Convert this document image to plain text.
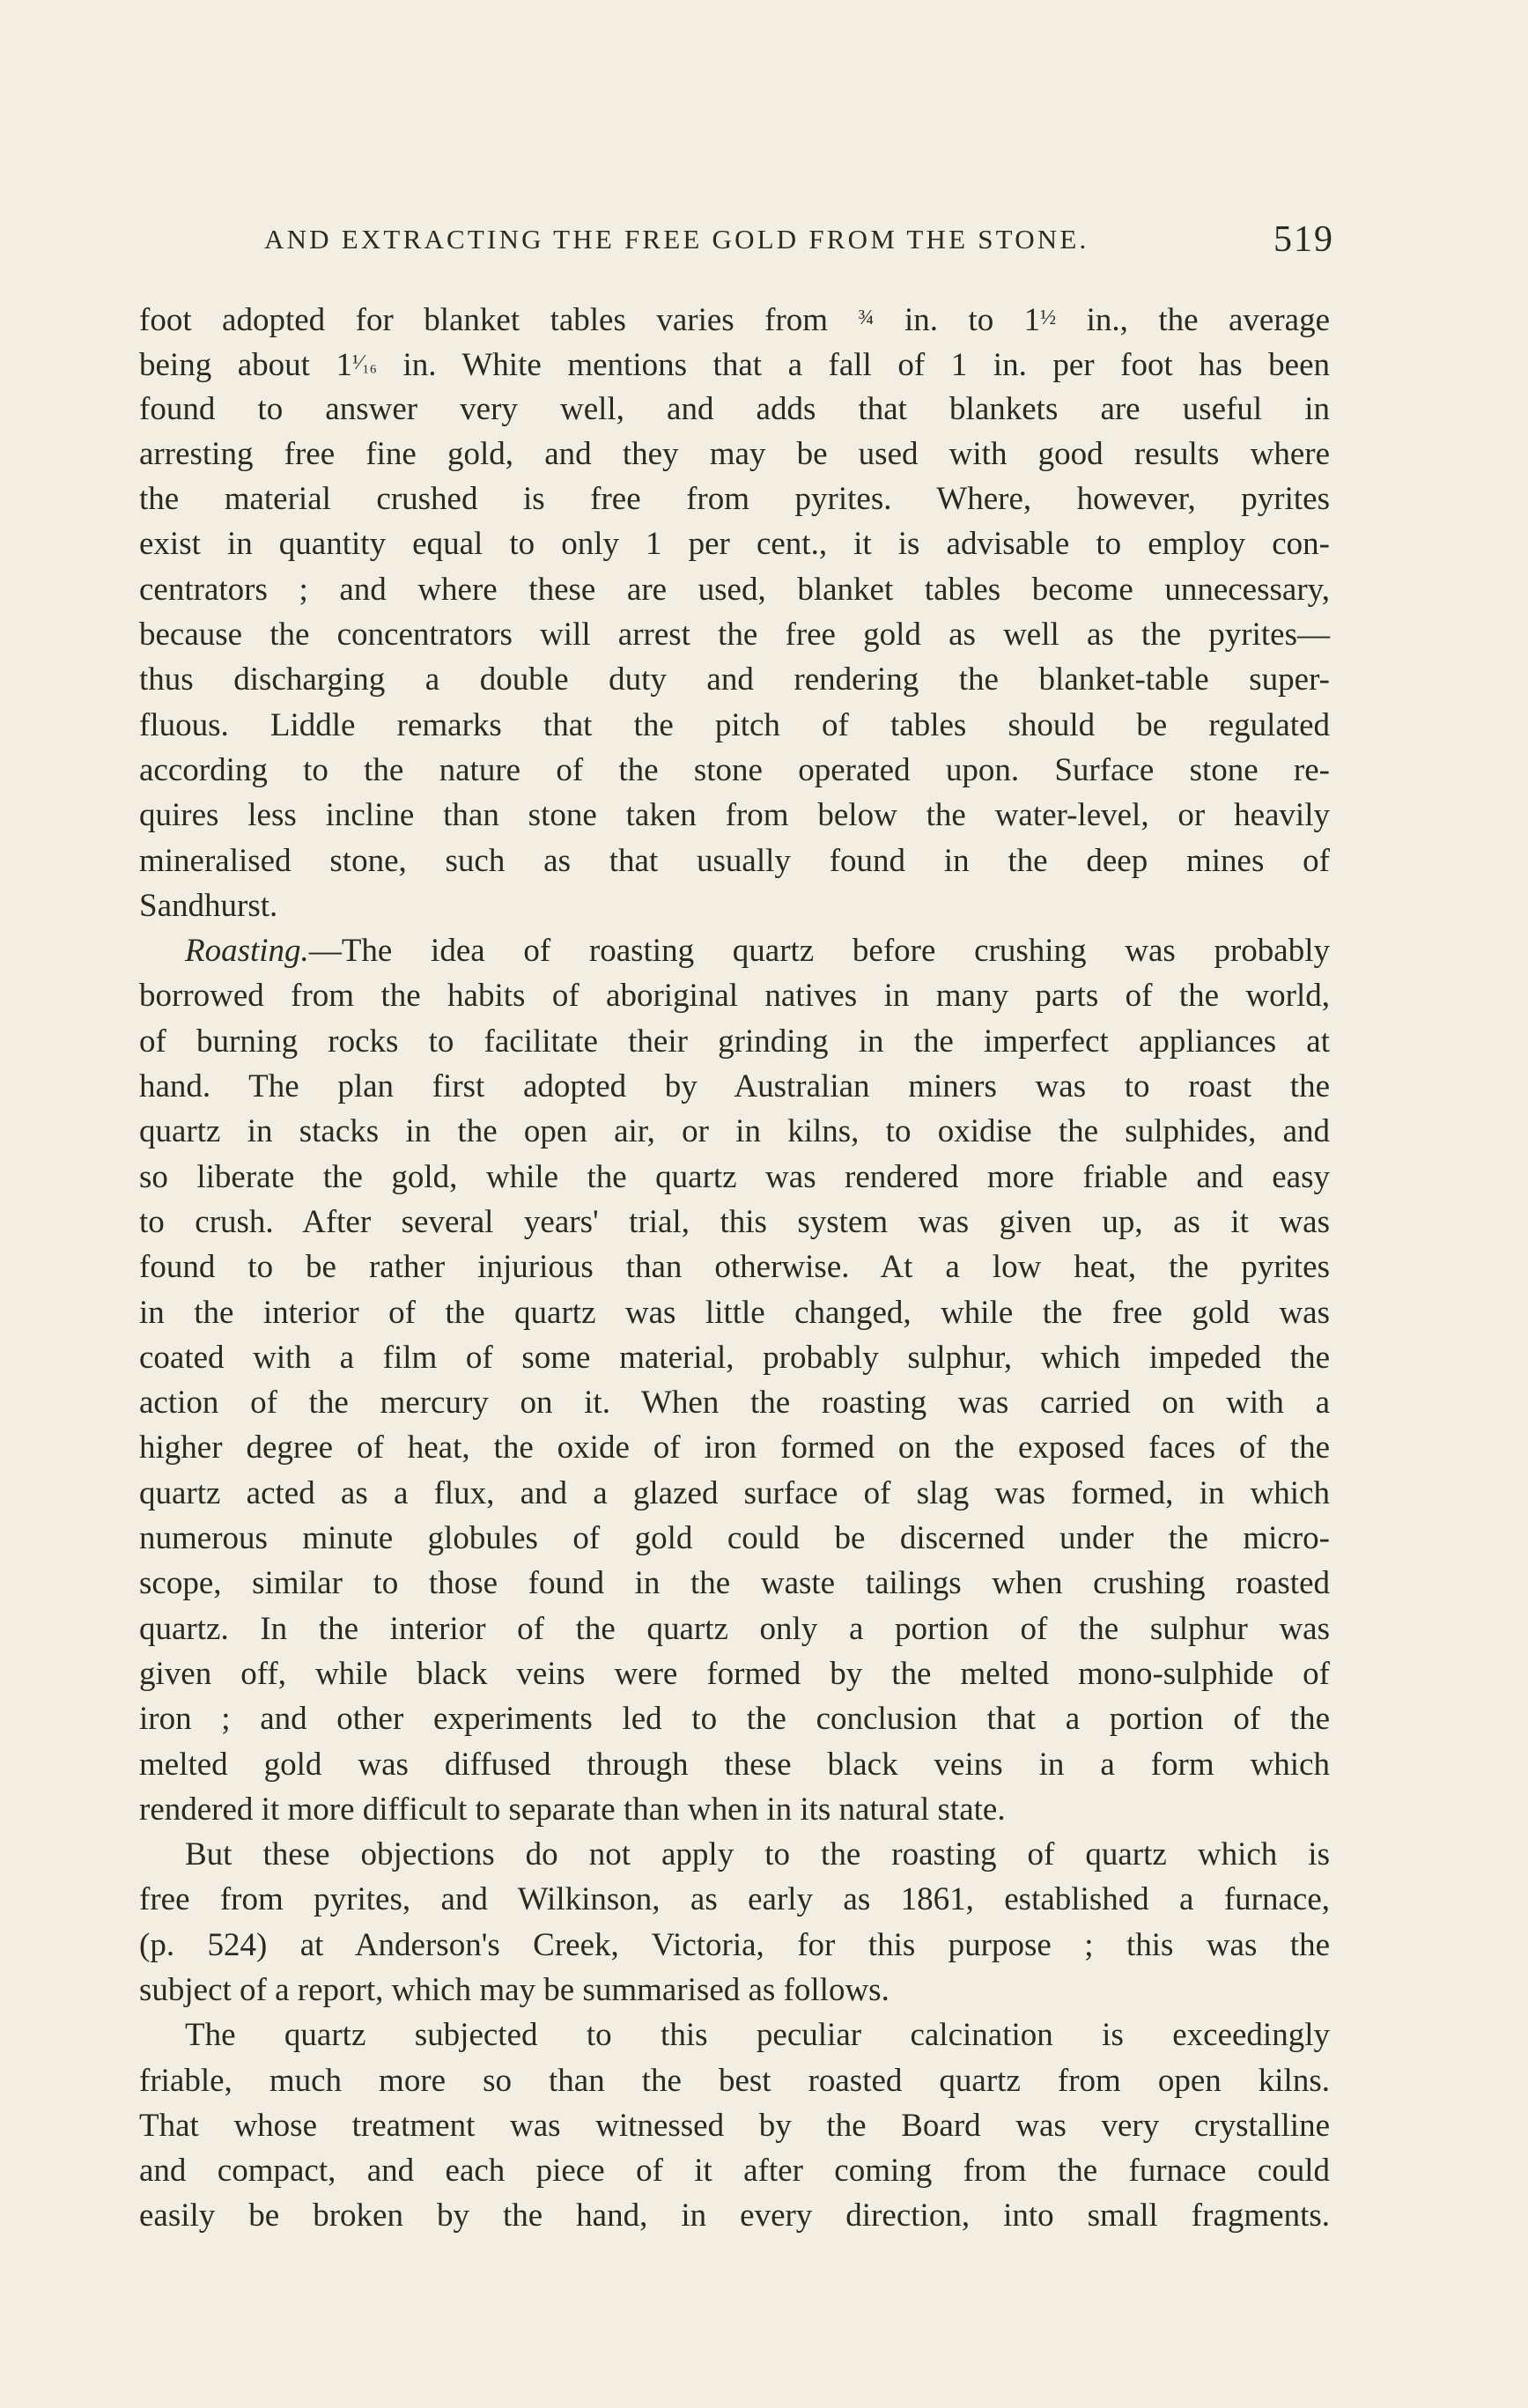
AND EXTRACTING THE FREE GOLD FROM THE STONE.	519
foot adopted for blanket tables varies from ¾ in. to 1½ in., the average
being about 1¹⁄₁₆ in. White mentions that a fall of 1 in. per foot has been
found to answer very well, and adds that blankets are useful in
arresting free fine gold, and they may be used with good results where
the material crushed is free from pyrites. Where, however, pyrites
exist in quantity equal to only 1 per cent., it is advisable to employ con-
centrators ; and where these are used, blanket tables become unnecessary,
because the concentrators will arrest the free gold as well as the pyrites—
thus discharging a double duty and rendering the blanket-table super-
fluous. Liddle remarks that the pitch of tables should be regulated
according to the nature of the stone operated upon. Surface stone re-
quires less incline than stone taken from below the water-level, or heavily
mineralised stone, such as that usually found in the deep mines of
Sandhurst.
Roasting.—The idea of roasting quartz before crushing was probably
borrowed from the habits of aboriginal natives in many parts of the world,
of burning rocks to facilitate their grinding in the imperfect appliances at
hand. The plan first adopted by Australian miners was to roast the
quartz in stacks in the open air, or in kilns, to oxidise the sulphides, and
so liberate the gold, while the quartz was rendered more friable and easy
to crush. After several years' trial, this system was given up, as it was
found to be rather injurious than otherwise. At a low heat, the pyrites
in the interior of the quartz was little changed, while the free gold was
coated with a film of some material, probably sulphur, which impeded the
action of the mercury on it. When the roasting was carried on with a
higher degree of heat, the oxide of iron formed on the exposed faces of the
quartz acted as a flux, and a glazed surface of slag was formed, in which
numerous minute globules of gold could be discerned under the micro-
scope, similar to those found in the waste tailings when crushing roasted
quartz. In the interior of the quartz only a portion of the sulphur was
given off, while black veins were formed by the melted mono-sulphide of
iron ; and other experiments led to the conclusion that a portion of the
melted gold was diffused through these black veins in a form which
rendered it more difficult to separate than when in its natural state.
But these objections do not apply to the roasting of quartz which is
free from pyrites, and Wilkinson, as early as 1861, established a furnace,
(p. 524) at Anderson's Creek, Victoria, for this purpose ; this was the
subject of a report, which may be summarised as follows.
The quartz subjected to this peculiar calcination is exceedingly
friable, much more so than the best roasted quartz from open kilns.
That whose treatment was witnessed by the Board was very crystalline
and compact, and each piece of it after coming from the furnace could
easily be broken by the hand, in every direction, into small fragments.
